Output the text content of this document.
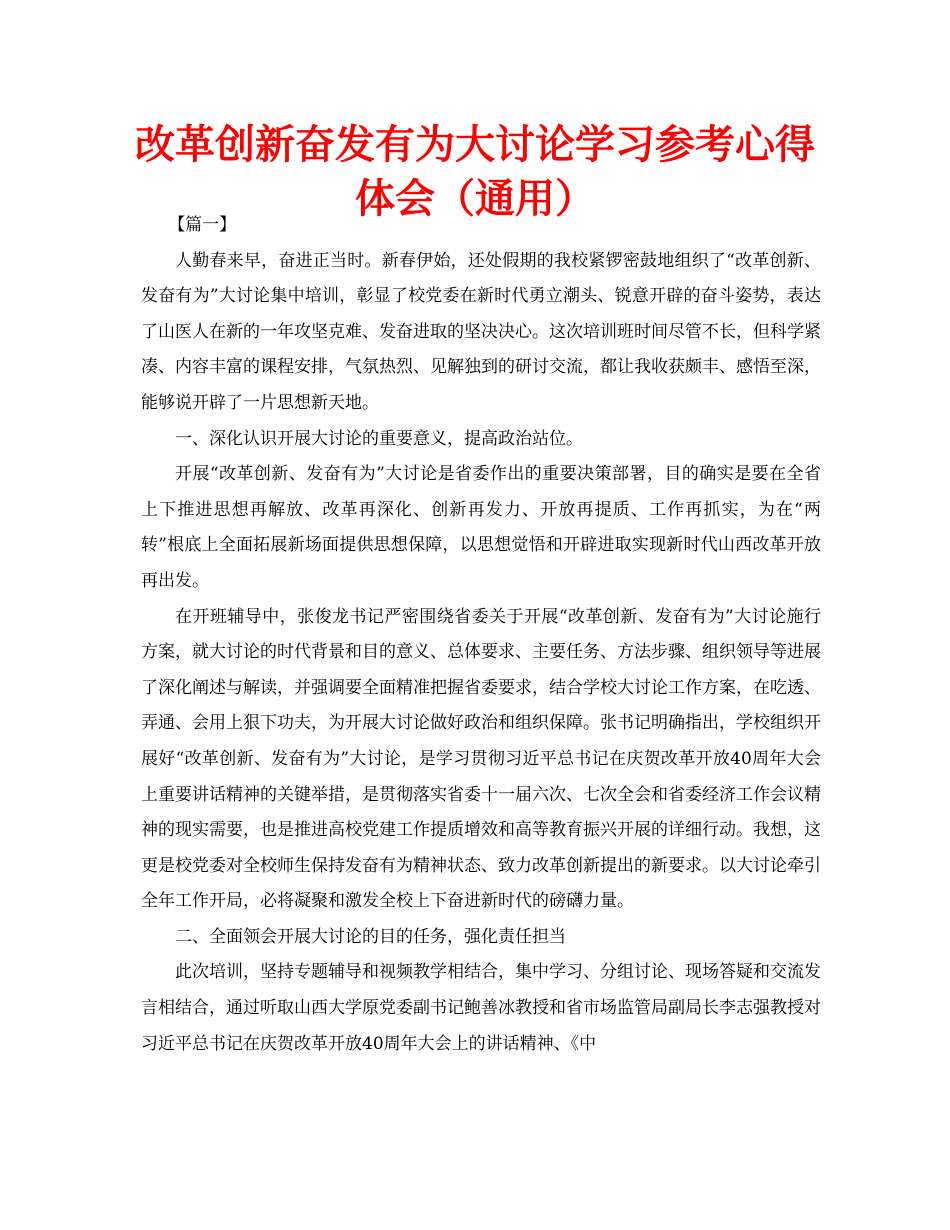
改革创新奋发有为大讨论学习参考心得体会（通用）

【篇一】

人勤春来早，奋进正当时。新春伊始，还处假期的我校紧锣密鼓地组织了“改革创新、发奋有为”大讨论集中培训，彰显了校党委在新时代勇立潮头、锐意开辟的奋斗姿势，表达了山医人在新的一年攻坚克难、发奋进取的坚决决心。这次培训班时间尽管不长，但科学紧凑、内容丰富的课程安排，气氛热烈、见解独到的研讨交流，都让我收获颇丰、感悟至深，能够说开辟了一片思想新天地。

一、深化认识开展大讨论的重要意义，提高政治站位。

开展“改革创新、发奋有为”大讨论是省委作出的重要决策部署，目的确实是要在全省上下推进思想再解放、改革再深化、创新再发力、开放再提质、工作再抓实，为在“两转”根底上全面拓展新场面提供思想保障，以思想觉悟和开辟进取实现新时代山西改革开放再出发。

在开班辅导中，张俊龙书记严密围绕省委关于开展“改革创新、发奋有为”大讨论施行方案，就大讨论的时代背景和目的意义、总体要求、主要任务、方法步骤、组织领导等进展了深化阐述与解读，并强调要全面精准把握省委要求，结合学校大讨论工作方案，在吃透、弄通、会用上狠下功夫，为开展大讨论做好政治和组织保障。张书记明确指出，学校组织开展好“改革创新、发奋有为”大讨论，是学习贯彻习近平总书记在庆贺改革开放40周年大会上重要讲话精神的关键举措，是贯彻落实省委十一届六次、七次全会和省委经济工作会议精神的现实需要，也是推进高校党建工作提质增效和高等教育振兴开展的详细行动。我想，这更是校党委对全校师生保持发奋有为精神状态、致力改革创新提出的新要求。以大讨论牵引全年工作开局，必将凝聚和激发全校上下奋进新时代的磅礴力量。

二、全面领会开展大讨论的目的任务，强化责任担当

此次培训，坚持专题辅导和视频教学相结合，集中学习、分组讨论、现场答疑和交流发言相结合，通过听取山西大学原党委副书记鲍善冰教授和省市场监管局副局长李志强教授对习近平总书记在庆贺改革开放40周年大会上的讲话精神、《中
